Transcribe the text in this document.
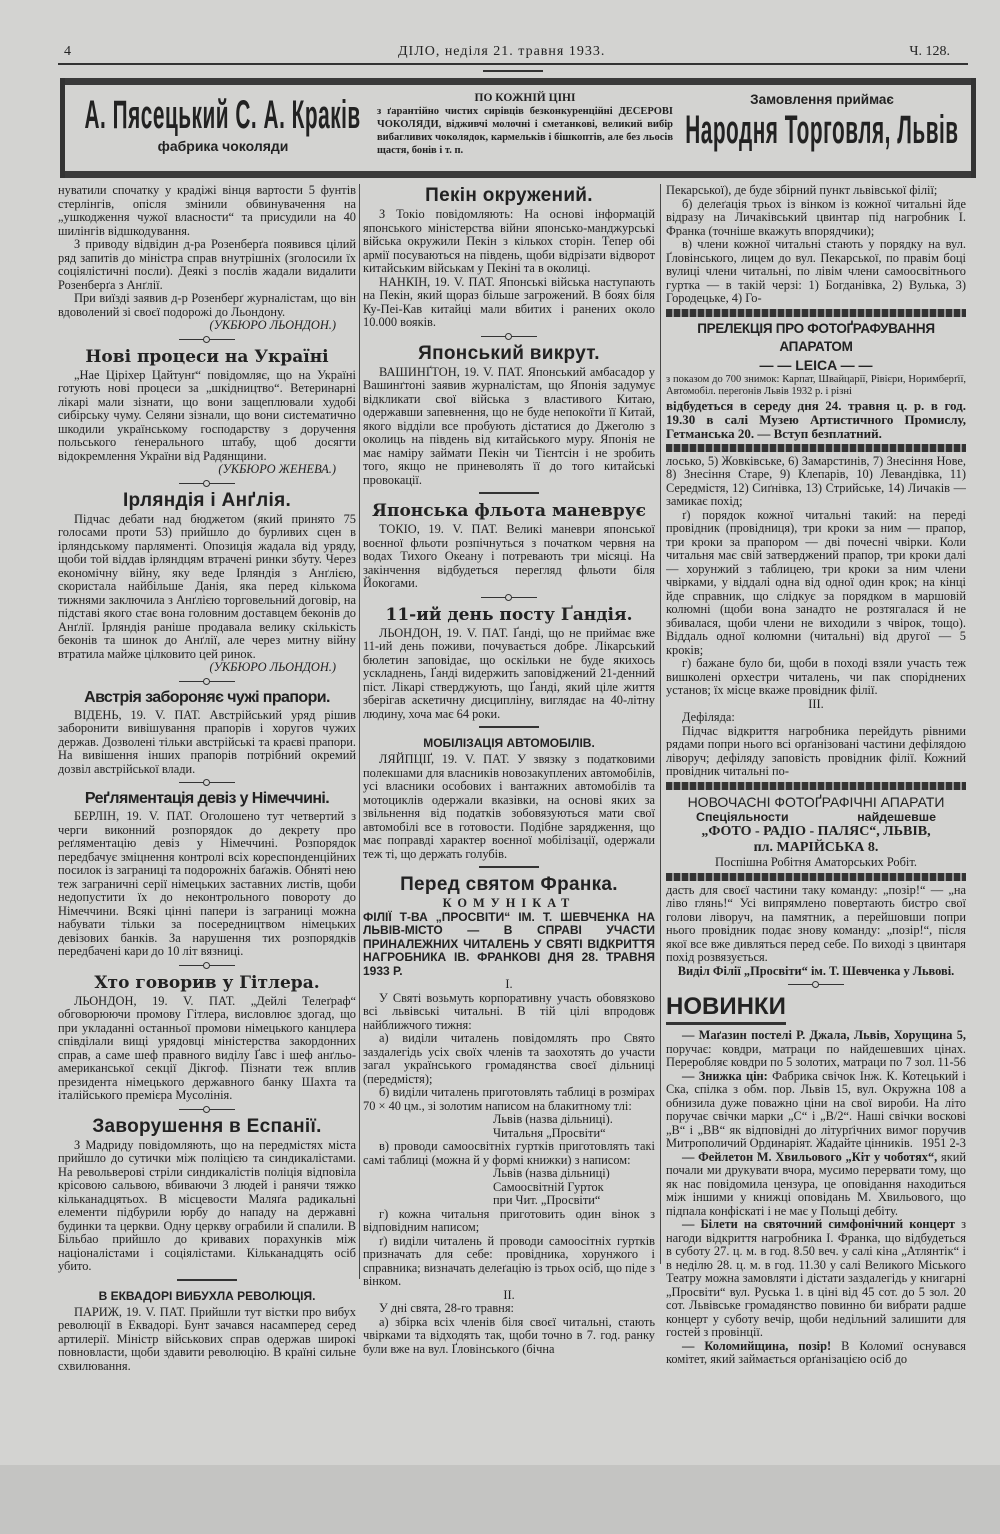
4	ДІЛО, неділя 21. травня 1933.	Ч. 128.
А. Пясецький С. А. Краків
фабрика чоколяди
ПО КОЖНІЙ ЦІНІ
з ґарантійно чистих сирівців безконкуренційні ДЕСЕРОВІ ЧОКОЛЯДИ, відживчі молочні і сметанкові, великий вибір вибагливих чоколядок, кармельків і бішкоптів, але без льосів щастя, бонів і т. п.
Замовлення приймає
Народня Торговля, Львів

нуватили спочатку у крадіжі вінця вартости 5 фунтів стерлінгів, опісля змінили обвинувачення на „ушкодження чужої власности“ та присудили на 40 шилінгів відшкодування.

З приводу відвідин д-ра Розенберґа появився цілий ряд запитів до міністра справ внутрішніх (зголосили їх соціялістичні посли). Деякі з послів жадали видалити Розенберґа з Анґлії.

При виїзді заявив д-р Розенберґ журналістам, що він вдоволений зі своєї подорожі до Льондону.

(УКБЮРО ЛЬОНДОН.)
Нові процеси на Україні

„Нае Ціріхер Цайтунґ“ повідомляє, що на Україні готують нові процеси за „шкідництво“. Ветеринарні лікарі мали зізнати, що вони защеплювали худобі сибірську чуму. Селяни зізнали, що вони систематично шкодили українському господарству з доручення польського ґенерального штабу, щоб досягти відокремлення України від Радянщини.

(УКБЮРО ЖЕНЕВА.)
Ірляндія і Анґлія.

Підчас дебати над бюджетом (який принято 75 голосами проти 53) прийшло до бурливих сцен в ірляндському парляменті. Опозиція жадала від уряду, щоби той віддав ірляндцям втрачені ринки збуту. Через економічну війну, яку веде Ірляндія з Анґлією, скористала найбільше Данія, яка перед кількома тижнями заключила з Анґлією торговельний договір, на підставі якого стає вона головним доставцем беконів до Анґлії. Ірляндія раніше продавала велику скількість беконів та шинок до Анґлії, але через митну війну втратила майже цілковито цей ринок.

(УКБЮРО ЛЬОНДОН.)
Австрія забороняє чужі прапори.

ВІДЕНЬ, 19. V. ПАТ. Австрійський уряд рішив заборонити вивішування прапорів і хоругов чужих держав. Дозволені тільки австрійські та краєві прапори. На вивішення інших прапорів потрібний окремий дозвіл австрійської влади.

Реґляментація девіз у Німеччині.

БЕРЛІН, 19. V. ПАТ. Оголошено тут четвертий з черги виконний розпорядок до декрету про реґляментацію девіз у Німеччині. Розпорядок передбачує зміцнення контролі всіх кореспонденційних посилок із заграниці та подорожніх баґажів. Обняті нею теж заграничні серії німецьких заставних листів, щоби недопустити їх до неконтрольного повороту до Німеччини. Всякі цінні папери із заграниці можна набувати тільки за посередництвом німецьких девізових банків. За нарушення тих розпорядків передбачені кари до 10 літ вязниці.

Хто говорив у Гітлера.

ЛЬОНДОН, 19. V. ПАТ. „Дейлі Телеґраф“ обговорюючи промову Гітлера, висловлює здогад, що при укладанні останньої промови німецького канцлера співділали вищі урядовці міністерства закордонних справ, а саме шеф правного виділу Ґавс і шеф анґльо-американської секції Дікгоф. Пізнати теж вплив президента німецького державного банку Шахта та італійського премієра Мусолінія.

Заворушення в Еспанії.

З Мадриду повідомляють, що на передмістях міста прийшло до сутички між поліцією та синдикалістами. На револьверові стріли синдикалістів поліція відповіла крісовою сальвою, вбиваючи 3 людей і ранячи тяжко кільканадцятьох. В місцевости Маляґа радикальні елементи підбурили юрбу до нападу на державні будинки та церкви. Одну церкву ограбили й спалили. В Більбао прийшло до кривавих порахунків між націоналістами і соціялістами. Кільканадцять осіб убито.

В ЕКВАДОРІ ВИБУХЛА РЕВОЛЮЦІЯ.

ПАРИЖ, 19. V. ПАТ. Прийшли тут вістки про вибух революції в Еквадорі. Бунт зачався насамперед серед артилерії. Міністр військових справ одержав широкі повновласти, щоби здавити революцію. В країні сильне схвилювання.

Пекін окружений.

З Токіо повідомляють: На основі інформацій японського міністерства війни японсько-манджурські війська окружили Пекін з кількох сторін. Тепер обі армії посуваються на південь, щоби відрізати відворот китайським військам у Пекіні та в околиці.

НАНКІН, 19. V. ПАТ. Японські війська наступають на Пекін, який щораз більше загрожений. В боях біля Ку-Пеі-Кав китайці мали вбитих і ранених около 10.000 вояків.

Японський викрут.

ВАШИНҐТОН, 19. V. ПАТ. Японський амбасадор у Вашинґтоні заявив журналістам, що Японія задумує відкликати свої війська з властивого Китаю, одержавши запевнення, що не буде непокоїти її Китай, якого відділи все пробують дістатися до Джеголю з околиць на південь від китайського муру. Японія не має наміру займати Пекін чи Тієнтсін і не зробить того, якщо не приневолять її до того китайські провокації.

Японська фльота маневрує

ТОКІО, 19. V. ПАТ. Великі маневри японської воєнної фльоти розпічнуться з початком червня на водах Тихого Океану і потревають три місяці. На закінчення відбудеться перегляд фльоти біля Йокогами.

11-ий день посту Ґандія.

ЛЬОНДОН, 19. V. ПАТ. Ґанді, що не приймає вже 11-ий день поживи, почувається добре. Лікарський бюлетин заповідає, що оскільки не буде якихось ускладнень, Ґанді видержить заповіджений 21-денний піст. Лікарі стверджують, що Ґанді, який ціле життя зберігав аскетичну дисципліну, виглядає на 40-літну людину, хоча має 64 роки.

МОБІЛІЗАЦІЯ АВТОМОБІЛІВ.

ЛЯЙПЦІҐ, 19. V. ПАТ. У звязку з податковими полекшами для власників новозакуплених автомобілів, усі власники особових і вантажних автомобілів та мотоциклів одержали вказівки, на основі яких за звільнення від податків зобовязуються мати свої автомобілі все в готовости. Подібне зарядження, що має поправді характер воєнної мобілізації, одержали теж ті, що держать голубів.

Перед святом Франка.
КОМУНІКАТ
ФІЛІЇ Т-ВА „ПРОСВІТИ“ ІМ. Т. ШЕВЧЕНКА НА ЛЬВІВ-МІСТО — В СПРАВІ УЧАСТИ ПРИНАЛЕЖНИХ ЧИТАЛЕНЬ У СВЯТІ ВІДКРИТТЯ НАГРОБНИКА ІВ. ФРАНКОВІ ДНЯ 28. ТРАВНЯ 1933 Р.
I.

У Святі возьмуть корпоративну участь обовязково всі львівські читальні. В тій цілі впродовж найближчого тижня:

а) виділи читалень повідомлять про Свято заздалегідь усіх своїх членів та заохотять до участи загал українського громадянства своєї дільниці (передмістя);

б) виділи читалень приготовлять таблиці в розмірах 70 × 40 цм., зі золотим написом на блакитному тлі:

Львів (назва дільниці).
Читальня „Просвіти“

в) проводи самоосвітніх гуртків приготовлять такі самі таблиці (можна й у формі книжки) з написом:

Львів (назва дільниці)
Самоосвітній Гурток
при Чит. „Просвіти“

г) кожна читальня приготовить один вінок з відповідним написом;

ґ) виділи читалень й проводи самоосітніх гуртків призначать для себе: провідника, хорунжого і справника; визначать делеґацію із трьох осіб, що піде з вінком.

II.

У дні свята, 28-го травня:

а) збірка всіх членів біля своєї читальні, стають чвірками та відходять так, щоби точно в 7. год. ранку були вже на вул. Ґловінського (бічна

Пекарської), де буде збірний пункт львівської філії;

б) делеґація трьох із вінком із кожної читальні йде відразу на Личаківський цвинтар під нагробник І. Франка (точніше вкажуть впорядчики);

в) члени кожної читальні стають у порядку на вул. Ґловінського, лицем до вул. Пекарської, по правім боці вулиці члени читальні, по лівім члени самоосвітнього гуртка — в такій черзі: 1) Богданівка, 2) Вулька, 3) Городецьке, 4) Го-

ПРЕЛЕКЦІЯ ПРО ФОТОҐРАФУВАННЯ АПАРАТОМ
— — LEICA — —
з показом до 700 знимок: Карпат, Швайцарії, Рівієри, Норимберґії, Автомобіл. перегонів Львів 1932 р. і різні
відбудеться в середу дня 24. травня ц. р. в год. 19.30 в салі Музею Артистичного Промислу, Гетманська 20. — Вступ безплатний.

лосько, 5) Жовківське, 6) Замарстинів, 7) Знесіння Нове, 8) Знесіння Старе, 9) Клепарів, 10) Левандівка, 11) Середмістя, 12) Сиґнівка, 13) Стрийське, 14) Личаків — замикає похід;

ґ) порядок кожної читальні такий: на переді провідник (провідниця), три кроки за ним — прапор, три кроки за прапором — дві почесні чвірки. Коли читальня має свій затверджений прапор, три кроки далі — хорунжий з таблицею, три кроки за ним члени чвірками, у віддалі одна від одної один крок; на кінці йде справник, що слідкує за порядком в маршовій колюмні (щоби вона занадто не розтягалася й не збивалася, щоби члени не виходили з чвірок, тощо). Віддаль одної колюмни (читальні) від другої — 5 кроків;

г) бажане було би, щоби в поході взяли участь теж вишколені орхестри читалень, чи пак споріднених установ; їх місце вкаже провідник філії.

III.

Дефіляда:

Підчас відкриття нагробника перейдуть рівними рядами попри нього всі орґанізовані частини дефілядою ліворуч; дефіляду заповість провідник філії. Кожний провідник читальні по-

НОВОЧАСНІ ФОТОҐРАФІЧНІ АПАРАТИ
Спеціяльности	найдешевше
„ФОТО - РАДІО - ПАЛЯС“, ЛЬВІВ,
пл. МАРІЙСЬКА 8.
Поспішна Робітня Аматорських Робіт.

дасть для своєї частини таку команду: „позір!“ — „на ліво глянь!“ Усі випрямлено повертають бистро свої голови ліворуч, на памятник, а перейшовши попри нього провідник подає знову команду: „позір!“, після якої все вже дивляться перед себе. По виході з цвинтаря похід розвязується.

Виділ Філії „Просвіти“ ім. Т. Шевченка у Львові.
НОВИНКИ

— Маґазин постелі Р. Джала, Львів, Хорущина 5, поручає: ковдри, матраци по найдешевших цінах. Переробляє ковдри по 5 золотих, матраци по 7 зол. 11-56

— Знижка цін: Фабрика свічок Інж. К. Котецький і Ска, спілка з обм. пор. Львів 15, вул. Окружна 108 а обнизила дуже поважно ціни на свої вироби. На літо поручає свічки марки „С“ і „В/2“. Наші свічки воскові „В“ і „ВВ“ як відповідні до літурґічних вимог поручив Митрополичий Ординаріят. Жадайте цінників. 1951 2-3

— Фейлетон М. Хвильового „Кіт у чоботях“, який почали ми друкувати вчора, мусимо перервати тому, що як нас повідомила цензура, це оповідання находиться між іншими у книжці оповідань М. Хвильового, що підпала конфіскаті і не має у Польщі дебіту.

— Білети на святочний симфонічний концерт з нагоди відкриття нагробника І. Франка, що відбудеться в суботу 27. ц. м. в год. 8.50 веч. у салі кіна „Атлянтік“ і в неділю 28. ц. м. в год. 11.30 у салі Великого Міського Театру можна замовляти і дістати заздалегідь у книгарні „Просвіти“ вул. Руська 1. в ціні від 45 сот. до 5 зол. 20 сот. Львівське громадянство повинно би вибрати радше концерт у суботу вечір, щоби недільний залишити для гостей з провінції.

— Коломийщина, позір! В Коломиї оснувався комітет, який займається орґанізацією осіб до
